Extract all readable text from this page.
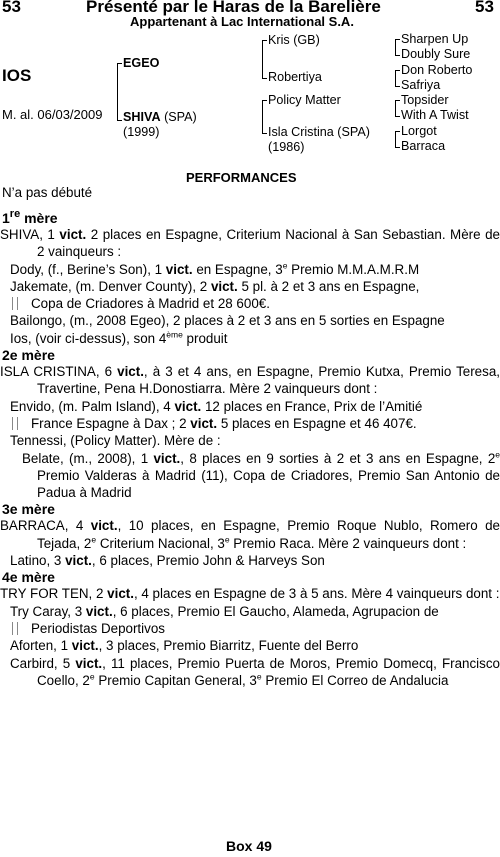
53	Présenté par le Haras de la Barelière	53
Appartenant à Lac International S.A.
IOS
M. al. 06/03/2009
EGEO
SHIVA (SPA)
(1999)
Kris (GB)
Robertiya
Policy Matter
Isla Cristina (SPA)
(1986)
Sharpen Up
Doubly Sure
Don Roberto
Safriya
Topsider
With A Twist
Lorgot
Barraca
PERFORMANCES
N’a pas débuté

1re mère

SHIVA, 1 vict. 2 places en Espagne, Criterium Nacional à San Sebastian. Mère de 2 vainqueurs :

Dody, (f., Berine’s Son), 1 vict. en Espagne, 3e Premio M.M.A.M.R.M

Jakemate, (m. Denver County), 2 vict. 5 pl. à 2 et 3 ans en Espagne,

Copa de Criadores à Madrid et 28 600€.

Bailongo, (m., 2008 Egeo), 2 places à 2 et 3 ans en 5 sorties en Espagne

Ios, (voir ci-dessus), son 4ème produit

2e mère

ISLA CRISTINA, 6 vict., à 3 et 4 ans, en Espagne, Premio Kutxa, Premio Teresa, Travertine, Pena H.Donostiarra. Mère 2 vainqueurs dont :

Envido, (m. Palm Island), 4 vict. 12 places en France, Prix de l’Amitié

France Espagne à Dax ; 2 vict. 5 places en Espagne et 46 407€.

Tennessi, (Policy Matter). Mère de :

Belate, (m., 2008), 1 vict., 8 places en 9 sorties à 2 et 3 ans en Espagne, 2e Premio Valderas à Madrid (11), Copa de Criadores, Premio San Antonio de Padua à Madrid

3e mère

BARRACA, 4 vict., 10 places, en Espagne, Premio Roque Nublo, Romero de Tejada, 2e Criterium Nacional, 3e Premio Raca. Mère 2 vainqueurs dont :

Latino, 3 vict., 6 places, Premio John & Harveys Son

4e mère

TRY FOR TEN, 2 vict., 4 places en Espagne de 3 à 5 ans. Mère 4 vainqueurs dont :

Try Caray, 3 vict., 6 places, Premio El Gaucho, Alameda, Agrupacion de

Periodistas Deportivos

Aforten, 1 vict., 3 places, Premio Biarritz, Fuente del Berro

Carbird, 5 vict., 11 places, Premio Puerta de Moros, Premio Domecq, Francisco Coello, 2e Premio Capitan General, 3e Premio El Correo de Andalucia

Box 49
